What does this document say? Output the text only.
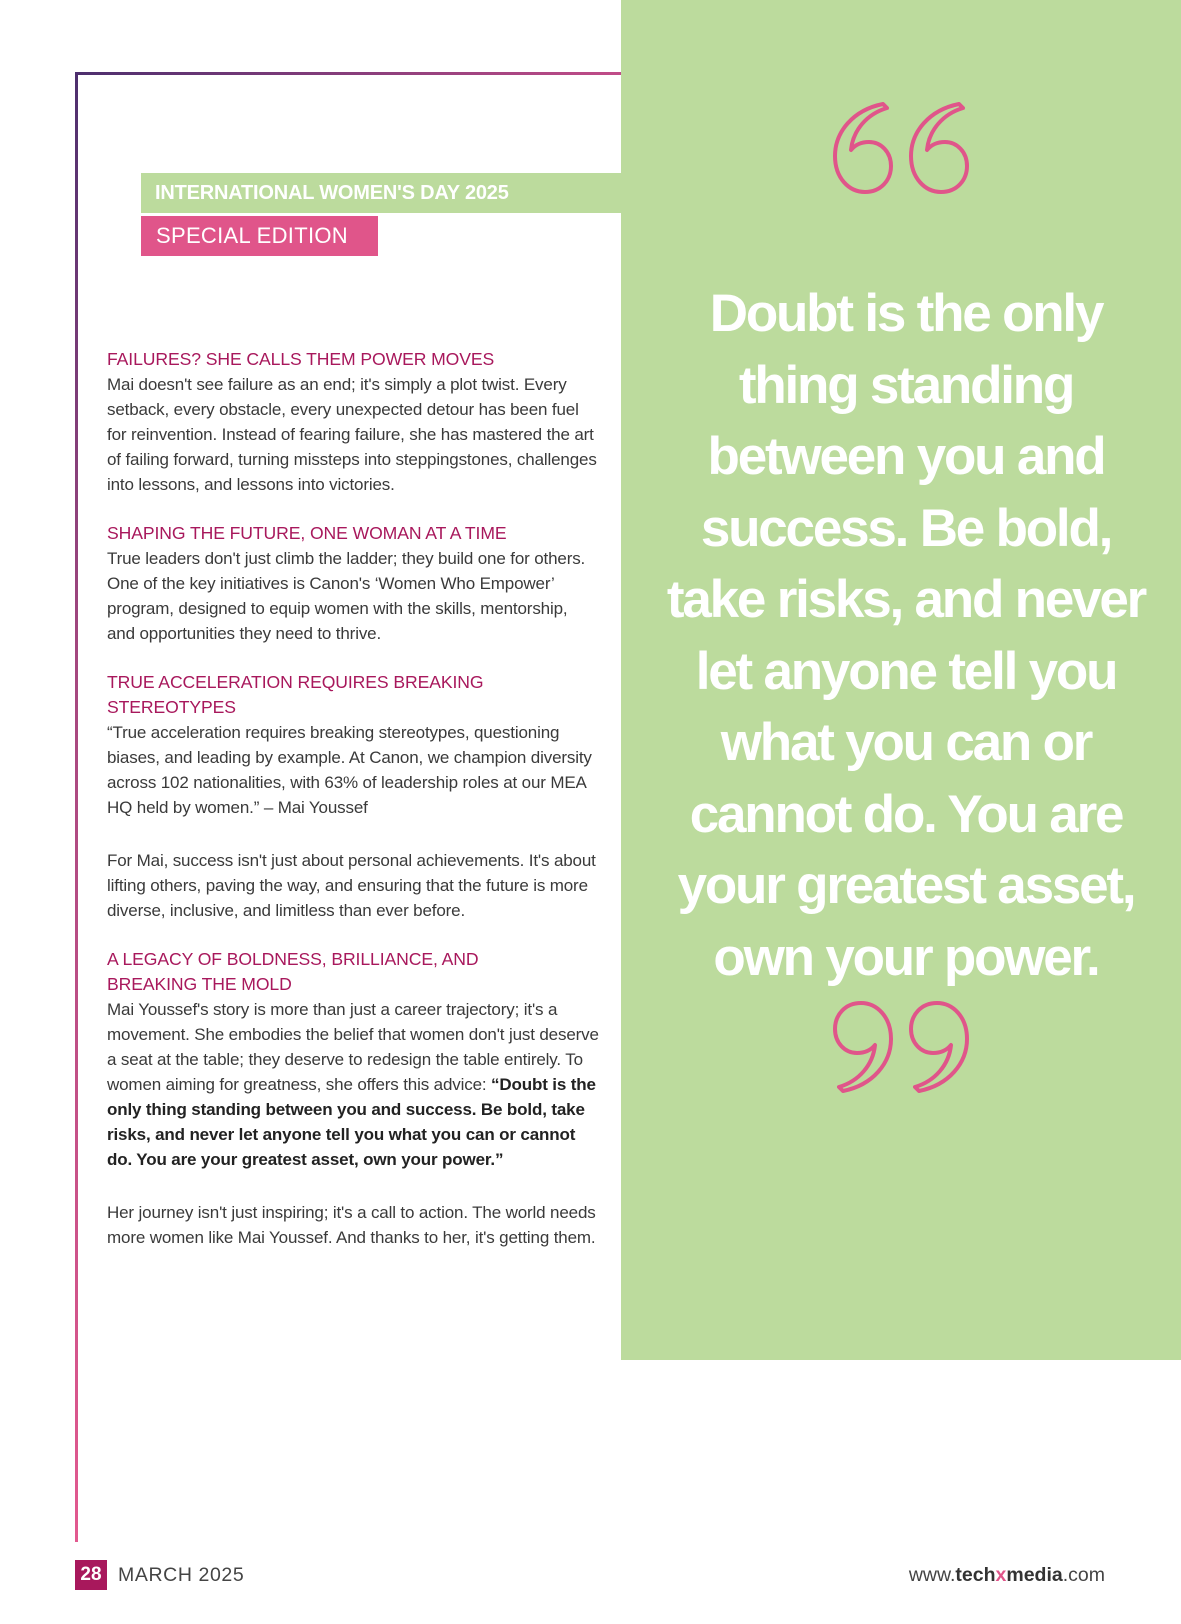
INTERNATIONAL WOMEN'S DAY 2025
SPECIAL EDITION
FAILURES? SHE CALLS THEM POWER MOVES

Mai doesn't see failure as an end; it's simply a plot twist. Every setback, every obstacle, every unexpected detour has been fuel for reinvention. Instead of fearing failure, she has mastered the art of failing forward, turning missteps into steppingstones, challenges into lessons, and lessons into victories.

SHAPING THE FUTURE, ONE WOMAN AT A TIME

True leaders don't just climb the ladder; they build one for others. One of the key initiatives is Canon's ‘Women Who Empower’ program, designed to equip women with the skills, mentorship, and opportunities they need to thrive.

TRUE ACCELERATION REQUIRES BREAKING STEREOTYPES

“True acceleration requires breaking stereotypes, questioning biases, and leading by example. At Canon, we champion diversity across 102 nationalities, with 63% of leadership roles at our MEA HQ held by women.” – Mai Youssef

For Mai, success isn't just about personal achievements. It's about lifting others, paving the way, and ensuring that the future is more diverse, inclusive, and limitless than ever before.

A LEGACY OF BOLDNESS, BRILLIANCE, AND BREAKING THE MOLD

Mai Youssef's story is more than just a career trajectory; it's a movement. She embodies the belief that women don't just deserve a seat at the table; they deserve to redesign the table entirely. To women aiming for greatness, she offers this advice: “Doubt is the only thing standing between you and success. Be bold, take risks, and never let anyone tell you what you can or cannot do. You are your greatest asset, own your power.”

Her journey isn't just inspiring; it's a call to action. The world needs more women like Mai Youssef. And thanks to her, it's getting them.

Doubt is the only thing standing between you and success. Be bold, take risks, and never let anyone tell you what you can or cannot do. You are your greatest asset, own your power.
28 MARCH 2025	www.techxmedia.com
